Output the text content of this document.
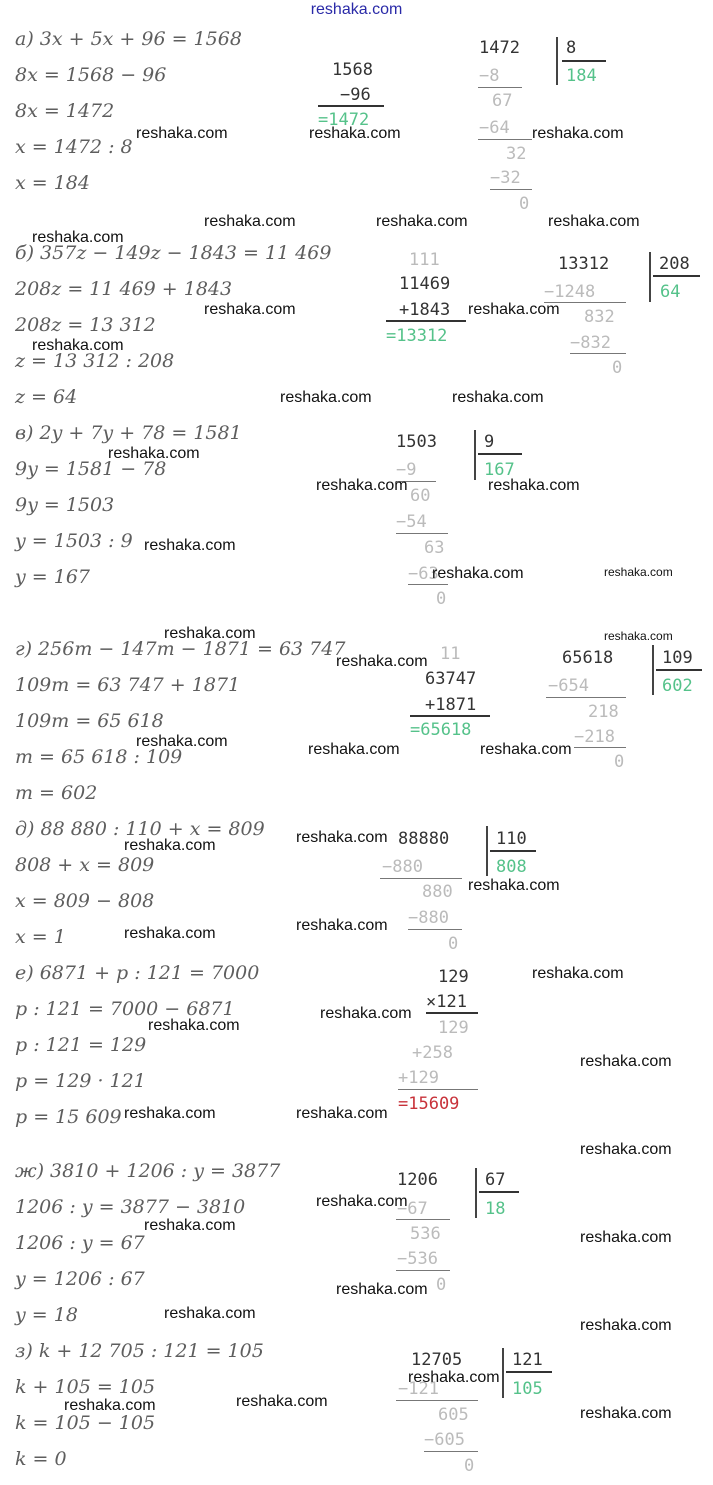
reshaka.com
а) 3x + 5x + 96 = 1568
8x = 1568 − 96
8x = 1472
x = 1472 : 8
x = 184
б) 357z − 149z − 1843 = 11 469
208z = 11 469 + 1843
208z = 13 312
z = 13 312 : 208
z = 64
в) 2y + 7y + 78 = 1581
9y = 1581 − 78
9y = 1503
y = 1503 : 9
y = 167
г) 256m − 147m − 1871 = 63 747
109m = 63 747 + 1871
109m = 65 618
m = 65 618 : 109
m = 602
д) 88 880 : 110 + x = 809
808 + x = 809
x = 809 − 808
x = 1
е) 6871 + p : 121 = 7000
p : 121 = 7000 − 6871
p : 121 = 129
p = 129 · 121
p = 15 609
ж) 3810 + 1206 : y = 3877
1206 : y = 3877 − 3810
1206 : y = 67
y = 1206 : 67
y = 18
з) k + 12 705 : 121 = 105
k + 105 = 105
k = 105 − 105
k = 0
1568
−96
=1472
1472	8
184
−8
67
−64
32
−32
0
111
11469
+1843
=13312
13312	208
64
−1248
832
−832
0
1503	9
167
−9
60
−54
63
−63
0
11
63747
+1871
=65618
65618	109
602
−654
218
−218
0
88880	110
808
−880
880
−880
0
129
×121
129
+258
+129
=15609
1206	67
18
−67
536
−536
0
12705	121
105
−121
605
−605
0
reshaka.com	reshaka.com	reshaka.com
reshaka.com	reshaka.com	reshaka.com
reshaka.com
reshaka.com	reshaka.com
reshaka.com
reshaka.com	reshaka.com
reshaka.com
reshaka.com	reshaka.com
reshaka.com
reshaka.com	reshaka.com
reshaka.com	reshaka.com
reshaka.com
reshaka.com	reshaka.com	reshaka.com
reshaka.com
reshaka.com
reshaka.com
reshaka.com
reshaka.com
reshaka.com
reshaka.com
reshaka.com
reshaka.com
reshaka.com	reshaka.com
reshaka.com
reshaka.com
reshaka.com
reshaka.com
reshaka.com
reshaka.com
reshaka.com
reshaka.com
reshaka.com
reshaka.com	reshaka.com
